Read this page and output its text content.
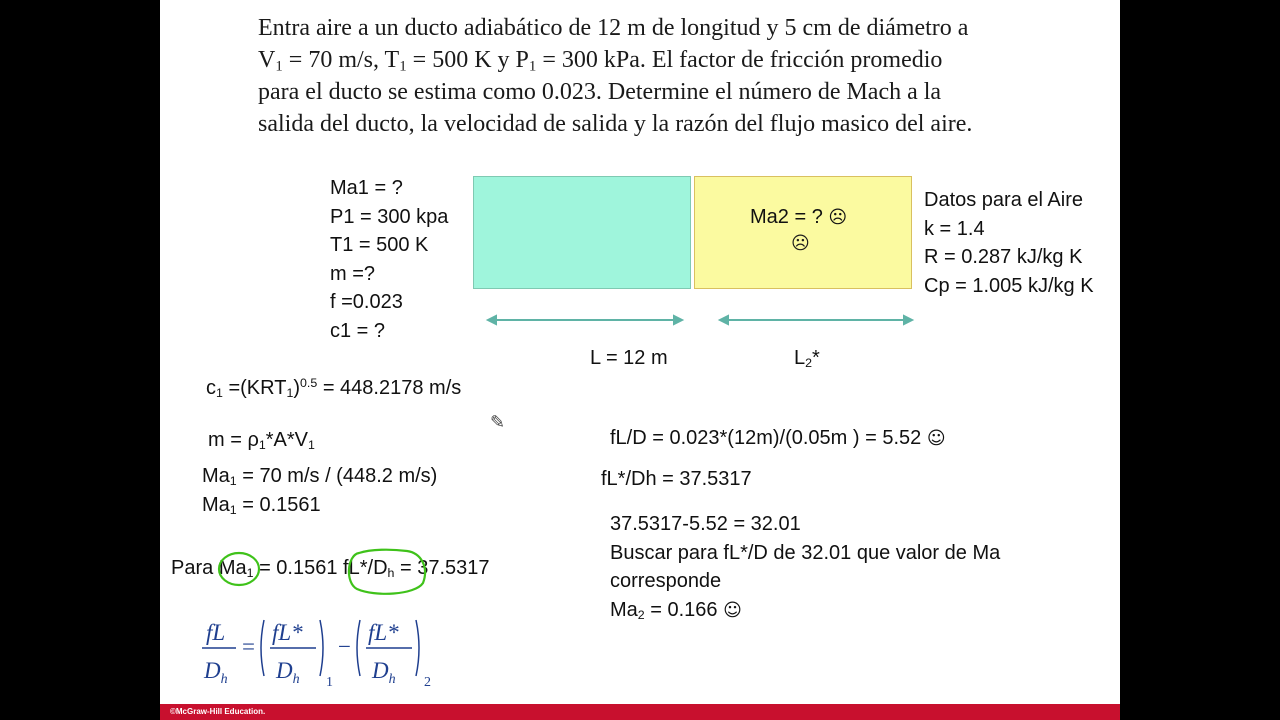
Entra aire a un ducto adiabático de 12 m de longitud y 5 cm de diámetro a
$V_1 = 70$ m/s, $T_1 = 500$ K y $P_1 = 300$ kPa. El factor de fricción promedio
para el ducto se estima como 0.023. Determine el número de Mach a la
salida del ducto, la velocidad de salida y la razón del flujo masico del aire.
Ma1 = ?
P1 = 300 kpa
T1 = 500 K
m =?
f =0.023
c1 = ?
Ma2 = ? ☹
☹
L = 12 m	$L_2*$
Datos para el Aire
k = 1.4
R = 0.287 kJ/kg K
Cp = 1.005 kJ/kg K
$c_1 =(KRT_1)^{0.5} = 448.2178$ m/s
✎
$m = \rho_1*A*V_1$
$Ma_1 = 70$ m/s / (448.2 m/s)
$Ma_1 = 0.1561$
Para $Ma_1 = 0.1561$ $fL*/D_h = 37.5317$
fL
$D_h$
=
fL*
$D_h$ 1
−
fL*
$D_h$ 2
fL/D = 0.023*(12m)/(0.05m ) = 5.52 ☺
fL*/Dh = 37.5317
37.5317-5.52 = 32.01
Buscar para fL*/D de 32.01 que valor de Ma
corresponde
$Ma_2 = 0.166$ ☺
©McGraw-Hill Education.
